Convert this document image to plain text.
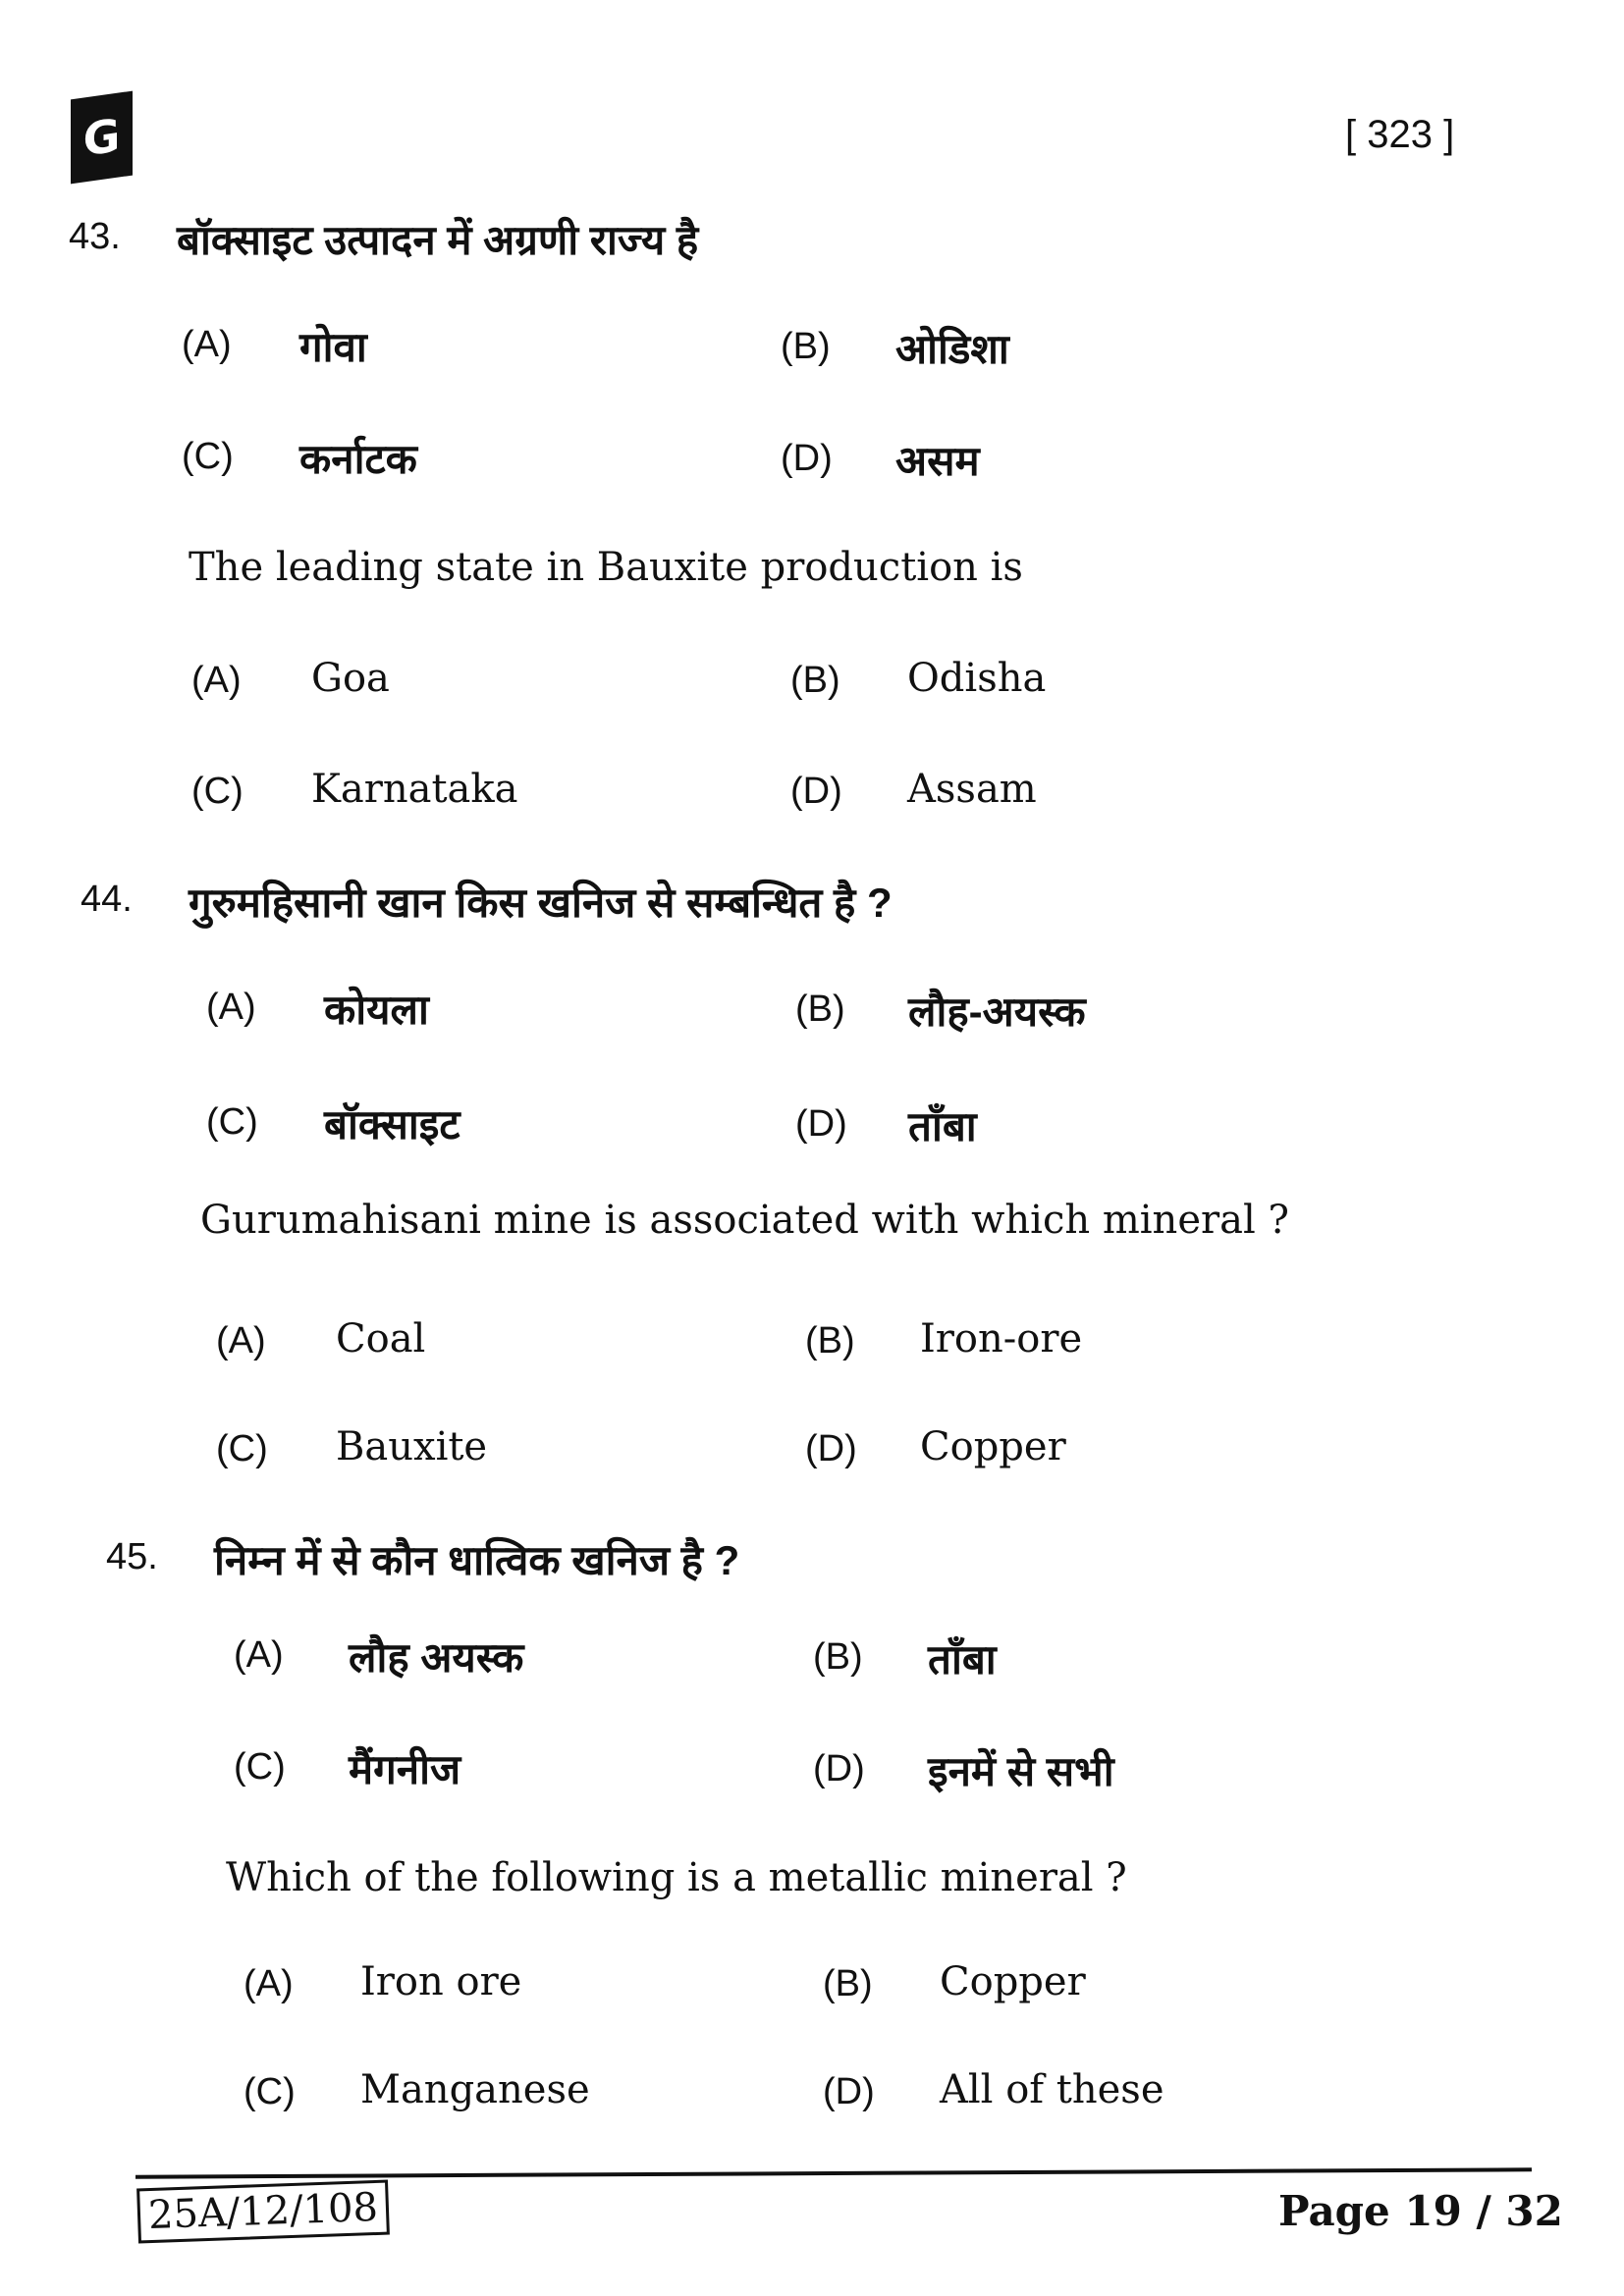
G	[ 323 ]
43. बॉक्साइट उत्पादन में अग्रणी राज्य है
The leading state in Bauxite production is
(A) गोवा
(A) Goa
(B) ओडिशा
(B) Odisha
(C) कर्नाटक
(C) Karnataka
(D) असम
(D) Assam
44. गुरुमहिसानी खान किस खनिज से सम्बन्धित है ?
Gurumahisani mine is associated with which mineral ?
(A) कोयला
(A) Coal
(B) लौह-अयस्क
(B) Iron-ore
(C) बॉक्साइट
(C) Bauxite
(D) ताँबा
(D) Copper
45. निम्न में से कौन धात्विक खनिज है ?
Which of the following is a metallic mineral ?
(A) लौह अयस्क
(A) Iron ore
(B) ताँबा
(B) Copper
(C) मैंगनीज
(C) Manganese
(D) इनमें से सभी
(D) All of these
25A/12/108	Page 19 / 32
